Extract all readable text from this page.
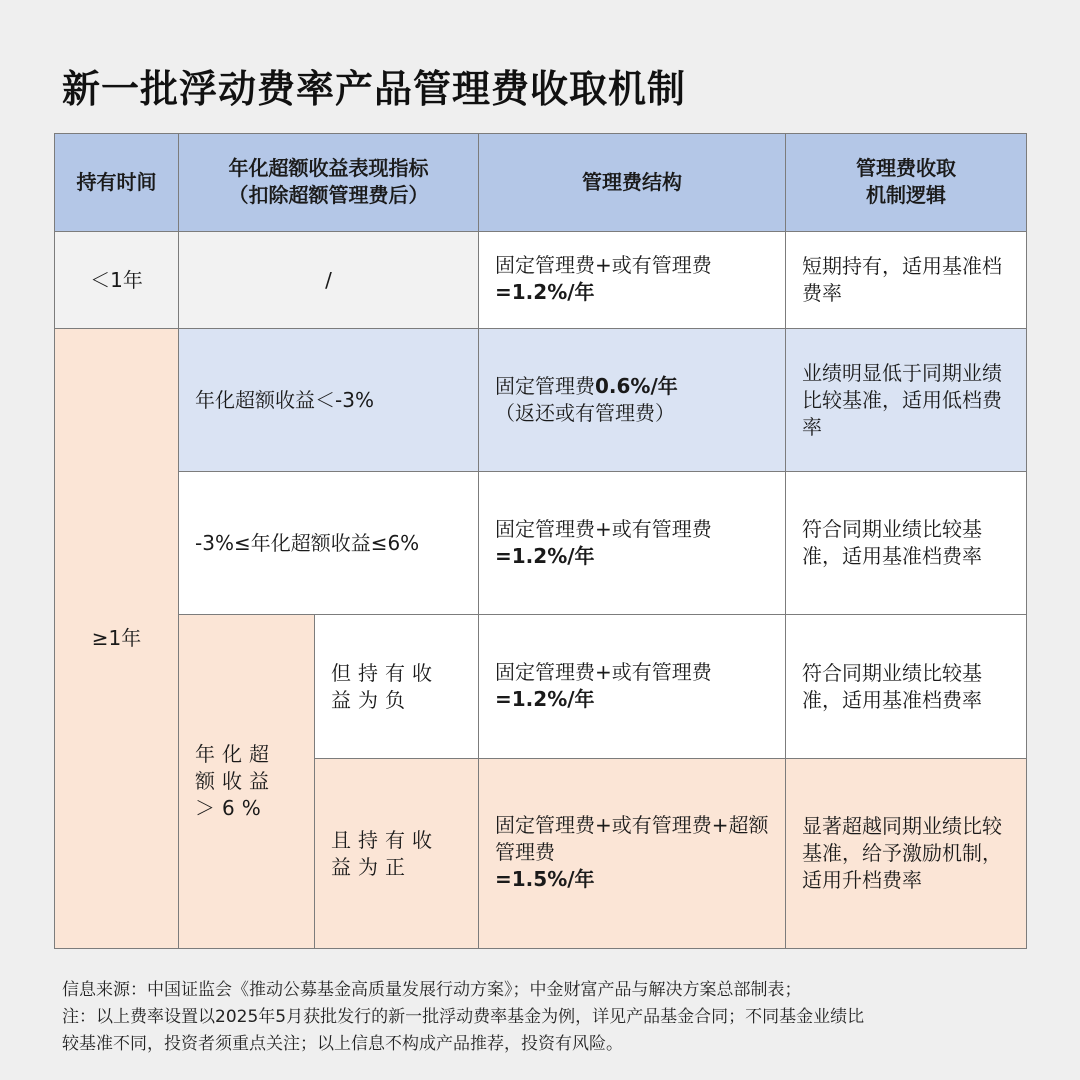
新一批浮动费率产品管理费收取机制
持有时间
年化超额收益表现指标
（扣除超额管理费后）
管理费结构
管理费收取
机制逻辑
＜1年	/
固定管理费+或有管理费
=1.2%/年
短期持有，适用基准档费率
≥1年
年化超额收益＜-3%
固定管理费0.6%/年
（返还或有管理费）
业绩明显低于同期业绩比较基准，适用低档费率
-3%≤年化超额收益≤6%
固定管理费+或有管理费
=1.2%/年
符合同期业绩比较基准，适用基准档费率
年化超额收益＞6%
但持有收益为负
固定管理费+或有管理费
=1.2%/年
符合同期业绩比较基准，适用基准档费率
且持有收益为正
固定管理费+或有管理费+超额管理费
=1.5%/年
显著超越同期业绩比较基准，给予激励机制，适用升档费率
信息来源：中国证监会《推动公募基金高质量发展行动方案》；中金财富产品与解决方案总部制表；
注：以上费率设置以2025年5月获批发行的新一批浮动费率基金为例，详见产品基金合同；不同基金业绩比
较基准不同，投资者须重点关注；以上信息不构成产品推荐，投资有风险。
